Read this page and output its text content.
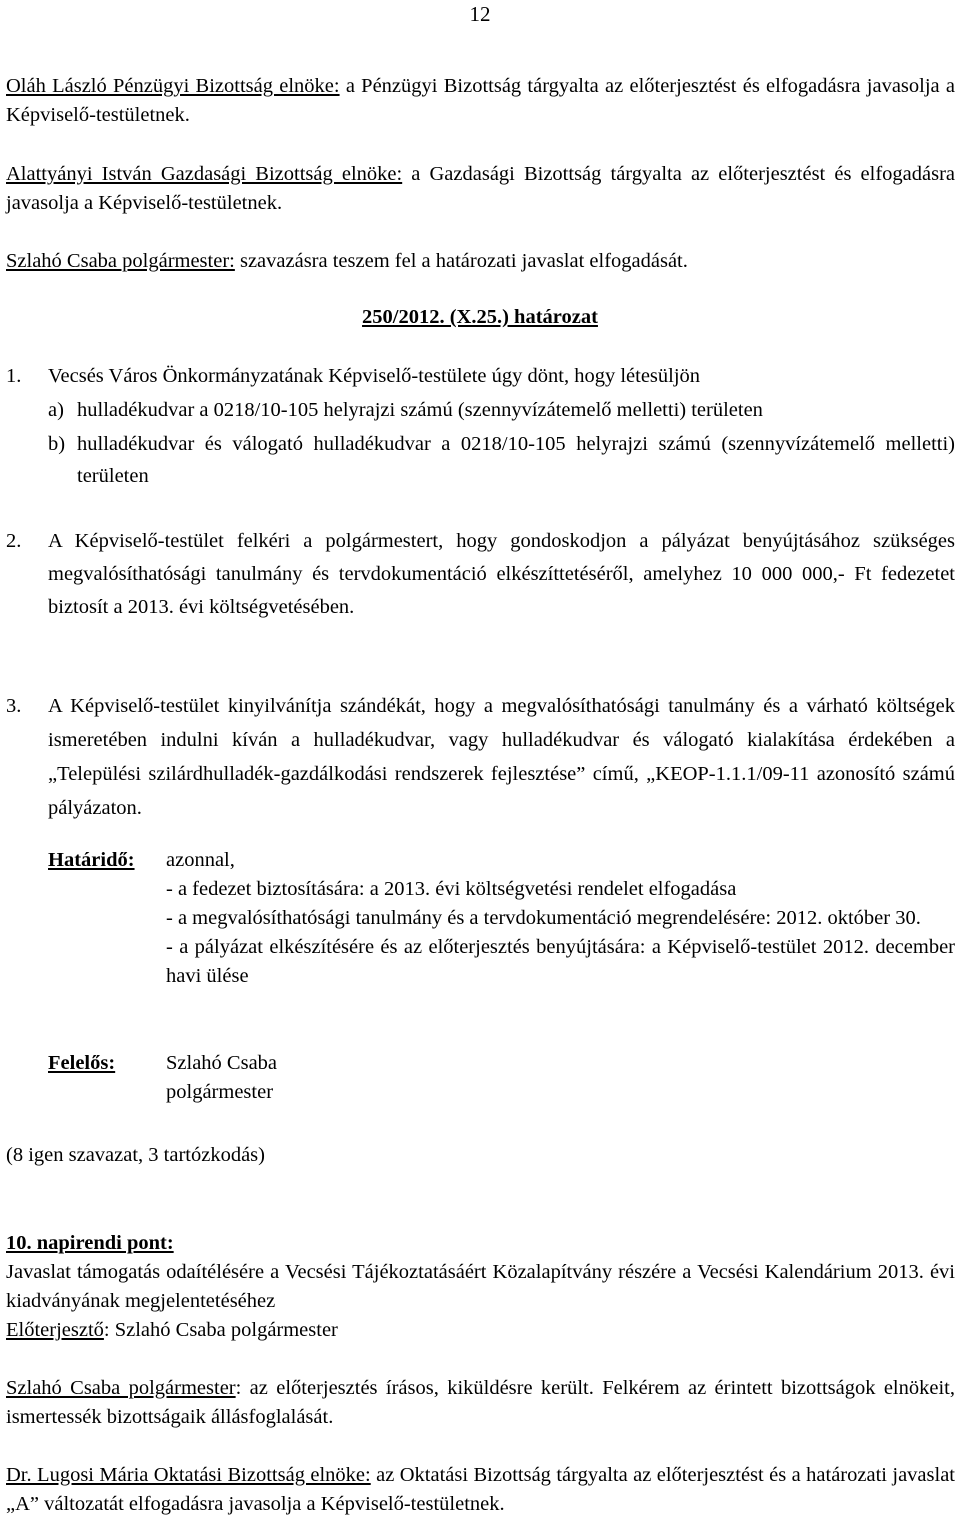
12
Oláh László Pénzügyi Bizottság elnöke: a Pénzügyi Bizottság tárgyalta az előterjesztést és elfogadásra javasolja a Képviselő-testületnek.
Alattyányi István Gazdasági Bizottság elnöke: a Gazdasági Bizottság tárgyalta az előterjesztést és elfogadásra javasolja a Képviselő-testületnek.
Szlahó Csaba polgármester: szavazásra teszem fel a határozati javaslat elfogadását.
250/2012. (X.25.) határozat
1. Vecsés Város Önkormányzatának Képviselő-testülete úgy dönt, hogy létesüljön
a) hulladékudvar a 0218/10-105 helyrajzi számú (szennyvízátemelő melletti) területen
b) hulladékudvar és válogató hulladékudvar a 0218/10-105 helyrajzi számú (szennyvízátemelő melletti) területen
2. A Képviselő-testület felkéri a polgármestert, hogy gondoskodjon a pályázat benyújtásához szükséges megvalósíthatósági tanulmány és tervdokumentáció elkészíttetéséről, amelyhez 10 000 000,- Ft fedezetet biztosít a 2013. évi költségvetésében.
3. A Képviselő-testület kinyilvánítja szándékát, hogy a megvalósíthatósági tanulmány és a várható költségek ismeretében indulni kíván a hulladékudvar, vagy hulladékudvar és válogató kialakítása érdekében a „Települési szilárdhulladék-gazdálkodási rendszerek fejlesztése” című, „KEOP-1.1.1/09-11 azonosító számú pályázaton.
Határidő: azonnal,
- a fedezet biztosítására: a 2013. évi költségvetési rendelet elfogadása
- a megvalósíthatósági tanulmány és a tervdokumentáció megrendelésére: 2012. október 30.
- a pályázat elkészítésére és az előterjesztés benyújtására: a Képviselő-testület 2012. december havi ülése
Felelős: Szlahó Csaba
polgármester
(8 igen szavazat, 3 tartózkodás)
10. napirendi pont:
Javaslat támogatás odaítélésére a Vecsési Tájékoztatásáért Közalapítvány részére a Vecsési Kalendárium 2013. évi kiadványának megjelentetéséhez
Előterjesztő: Szlahó Csaba polgármester
Szlahó Csaba polgármester: az előterjesztés írásos, kiküldésre került. Felkérem az érintett bizottságok elnökeit, ismertessék bizottságaik állásfoglalását.
Dr. Lugosi Mária Oktatási Bizottság elnöke: az Oktatási Bizottság tárgyalta az előterjesztést és a határozati javaslat „A” változatát elfogadásra javasolja a Képviselő-testületnek.
